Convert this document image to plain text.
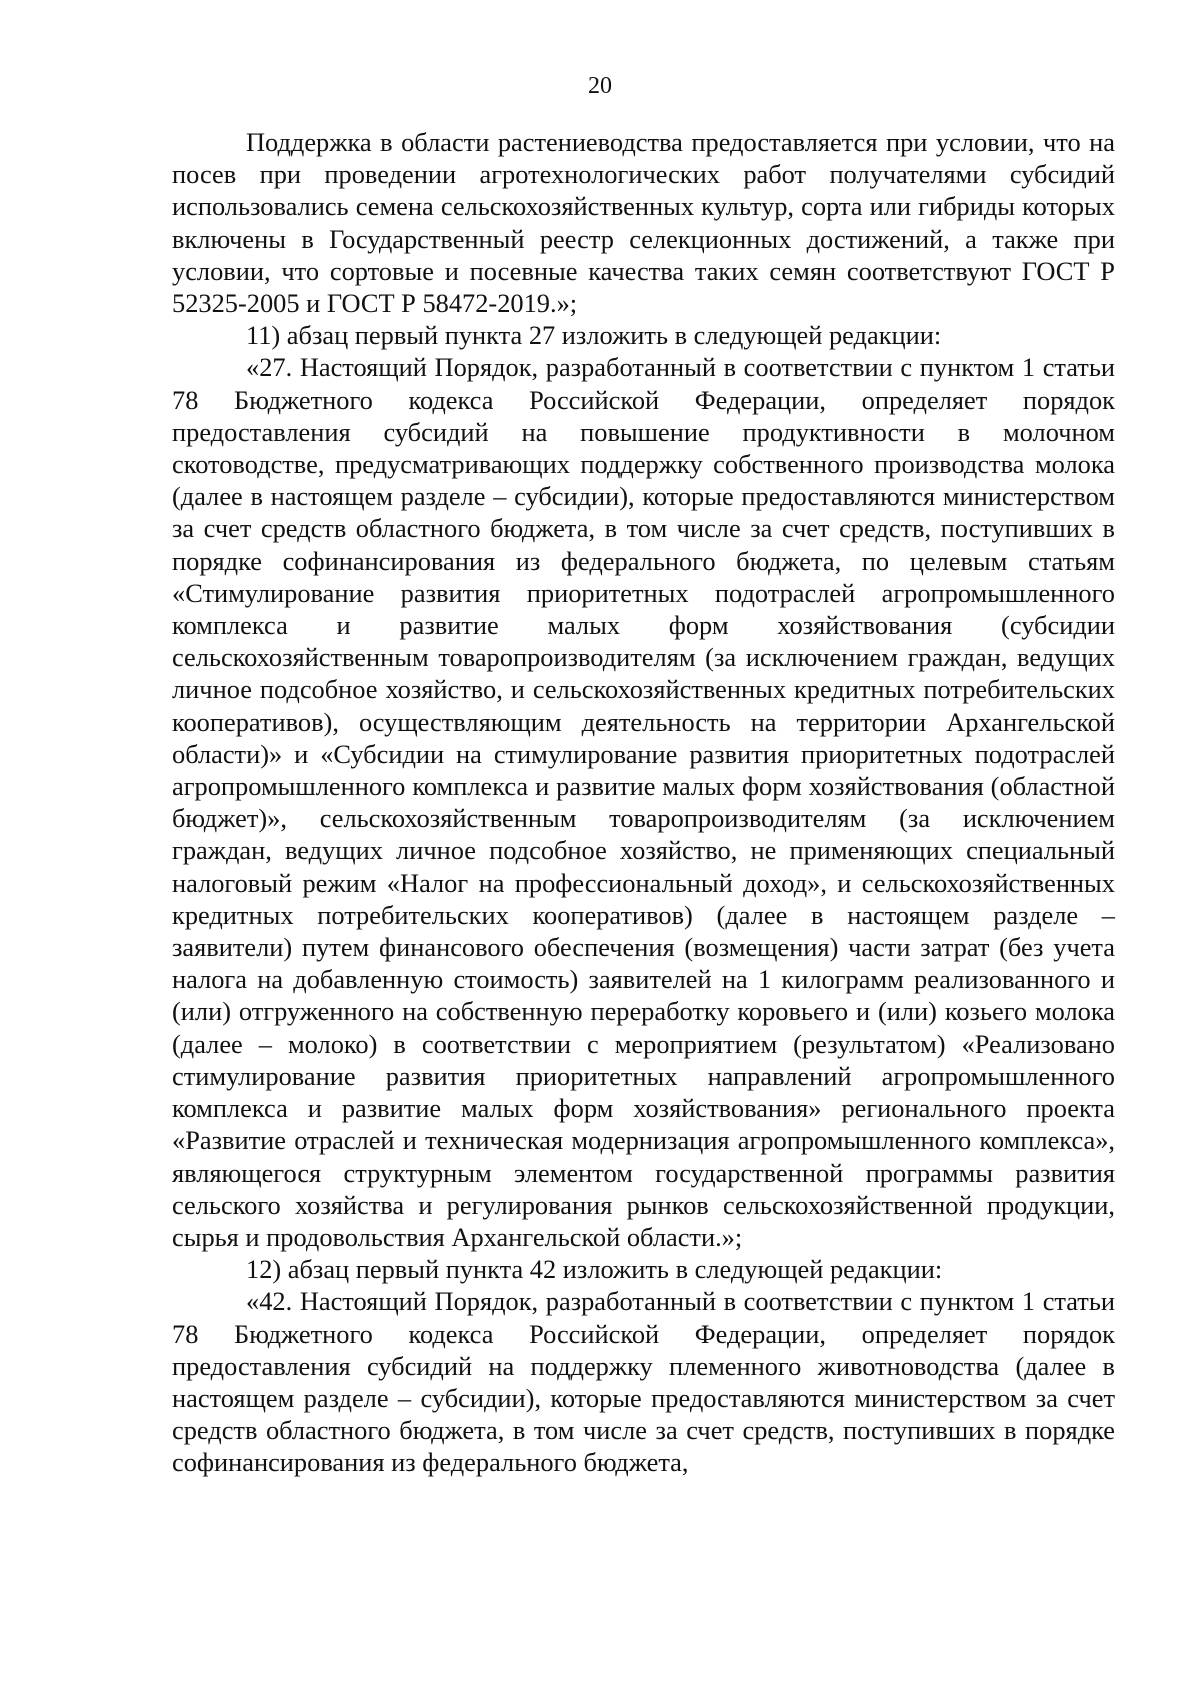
20

Поддержка в области растениеводства предоставляется при условии, что на посев при проведении агротехнологических работ получателями субсидий использовались семена сельскохозяйственных культур, сорта или гибриды которых включены в Государственный реестр селекционных достижений, а также при условии, что сортовые и посевные качества таких семян соответствуют ГОСТ Р 52325-2005 и ГОСТ Р 58472-2019.»;

11) абзац первый пункта 27 изложить в следующей редакции:

«27. Настоящий Порядок, разработанный в соответствии с пунктом 1 статьи 78 Бюджетного кодекса Российской Федерации, определяет порядок предоставления субсидий на повышение продуктивности в молочном скотоводстве, предусматривающих поддержку собственного производства молока (далее в настоящем разделе – субсидии), которые предоставляются министерством за счет средств областного бюджета, в том числе за счет средств, поступивших в порядке софинансирования из федерального бюджета, по целевым статьям «Стимулирование развития приоритетных подотраслей агропромышленного комплекса и развитие малых форм хозяйствования (субсидии сельскохозяйственным товаропроизводителям (за исключением граждан, ведущих личное подсобное хозяйство, и сельскохозяйственных кредитных потребительских кооперативов), осуществляющим деятельность на территории Архангельской области)» и «Субсидии на стимулирование развития приоритетных подотраслей агропромышленного комплекса и развитие малых форм хозяйствования (областной бюджет)», сельскохозяйственным товаропроизводителям (за исключением граждан, ведущих личное подсобное хозяйство, не применяющих специальный налоговый режим «Налог на профессиональный доход», и сельскохозяйственных кредитных потребительских кооперативов) (далее в настоящем разделе – заявители) путем финансового обеспечения (возмещения) части затрат (без учета налога на добавленную стоимость) заявителей на 1 килограмм реализованного и (или) отгруженного на собственную переработку коровьего и (или) козьего молока (далее – молоко) в соответствии с мероприятием (результатом) «Реализовано стимулирование развития приоритетных направлений агропромышленного комплекса и развитие малых форм хозяйствования» регионального проекта «Развитие отраслей и техническая модернизация агропромышленного комплекса», являющегося структурным элементом государственной программы развития сельского хозяйства и регулирования рынков сельскохозяйственной продукции, сырья и продовольствия Архангельской области.»;

12) абзац первый пункта 42 изложить в следующей редакции:

«42. Настоящий Порядок, разработанный в соответствии с пунктом 1 статьи 78 Бюджетного кодекса Российской Федерации, определяет порядок предоставления субсидий на поддержку племенного животноводства (далее в настоящем разделе – субсидии), которые предоставляются министерством за счет средств областного бюджета, в том числе за счет средств, поступивших в порядке софинансирования из федерального бюджета,
